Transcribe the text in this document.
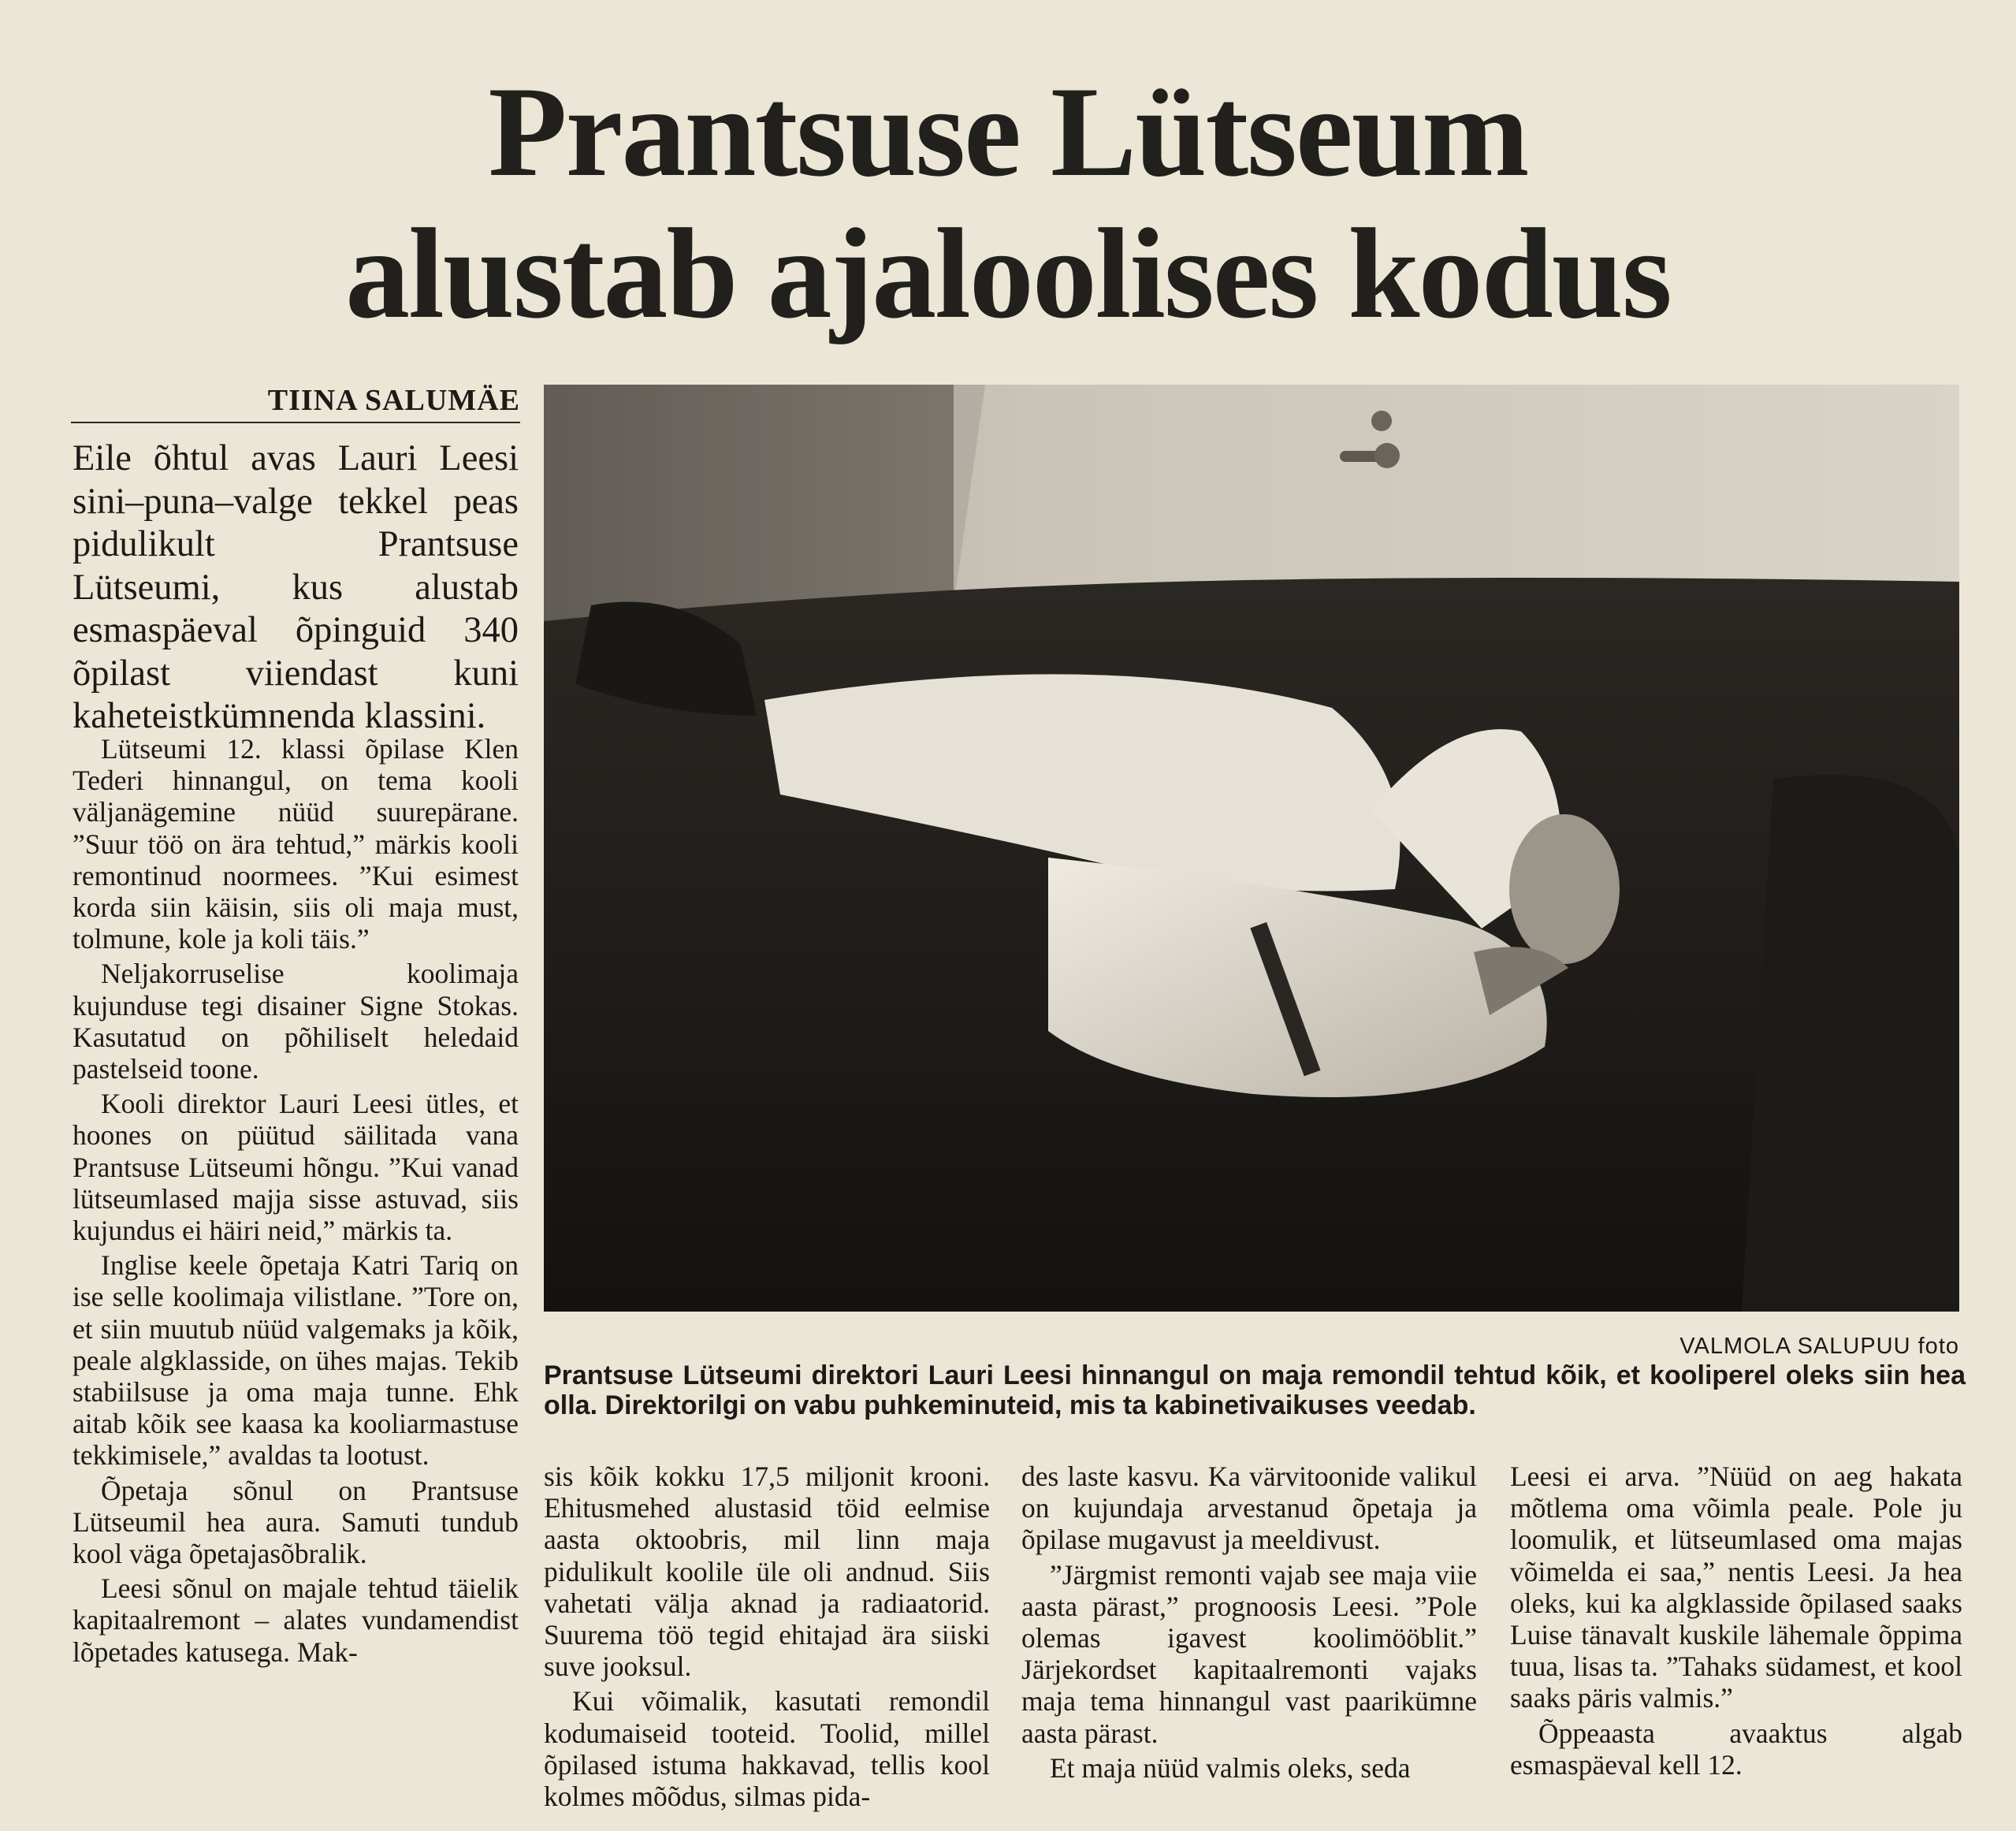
Prantsuse Lütseum
alustab ajaloolises kodus
TIINA SALUMÄE

Eile õhtul avas Lauri Leesi sini–puna–valge tekkel peas pidulikult Prantsuse Lütseumi, kus alustab esmaspäeval õpinguid 340 õpilast viiendast kuni kaheteistkümnenda klassini.

VALMOLA SALUPUU foto
Prantsuse Lütseumi direktori Lauri Leesi hinnangul on maja remondil tehtud kõik, et kooliperel oleks siin hea olla. Direktorilgi on vabu puhkeminuteid, mis ta kabinetivaikuses veedab.

Lütseumi 12. klassi õpilase Klen Tederi hinnangul, on tema kooli väljanägemine nüüd suurepärane. ”Suur töö on ära tehtud,” märkis kooli remontinud noormees. ”Kui esimest korda siin käisin, siis oli maja must, tolmune, kole ja koli täis.”

Neljakorruselise koolimaja kujunduse tegi disainer Signe Stokas. Kasutatud on põhiliselt heledaid pastelseid toone.

Kooli direktor Lauri Leesi ütles, et hoones on püütud säilitada vana Prantsuse Lütseumi hõngu. ”Kui vanad lütseumlased majja sisse astuvad, siis kujundus ei häiri neid,” märkis ta.

Inglise keele õpetaja Katri Tariq on ise selle koolimaja vilistlane. ”Tore on, et siin muutub nüüd valgemaks ja kõik, peale algklasside, on ühes majas. Tekib stabiilsuse ja oma maja tunne. Ehk aitab kõik see kaasa ka kooliarmastuse tekkimisele,” avaldas ta lootust.

Õpetaja sõnul on Prantsuse Lütseumil hea aura. Samuti tundub kool väga õpetajasõbralik.

Leesi sõnul on majale tehtud täielik kapitaalremont – alates vundamendist lõpetades katusega. Mak-

sis kõik kokku 17,5 miljonit krooni. Ehitusmehed alustasid töid eelmise aasta oktoobris, mil linn maja pidulikult koolile üle oli andnud. Siis vahetati välja aknad ja radiaatorid. Suurema töö tegid ehitajad ära siiski suve jooksul.

Kui võimalik, kasutati remondil kodumaiseid tooteid. Toolid, millel õpilased istuma hakkavad, tellis kool kolmes mõõdus, silmas pida-

des laste kasvu. Ka värvitoonide valikul on kujundaja arvestanud õpetaja ja õpilase mugavust ja meeldivust.

”Järgmist remonti vajab see maja viie aasta pärast,” prognoosis Leesi. ”Pole olemas igavest koolimööblit.” Järjekordset kapitaalremonti vajaks maja tema hinnangul vast paarikümne aasta pärast.

Et maja nüüd valmis oleks, seda

Leesi ei arva. ”Nüüd on aeg hakata mõtlema oma võimla peale. Pole ju loomulik, et lütseumlased oma majas võimelda ei saa,” nentis Leesi. Ja hea oleks, kui ka algklasside õpilased saaks Luise tänavalt kuskile lähemale õppima tuua, lisas ta. ”Tahaks südamest, et kool saaks päris valmis.”

Õppeaasta avaaktus algab esmaspäeval kell 12.
